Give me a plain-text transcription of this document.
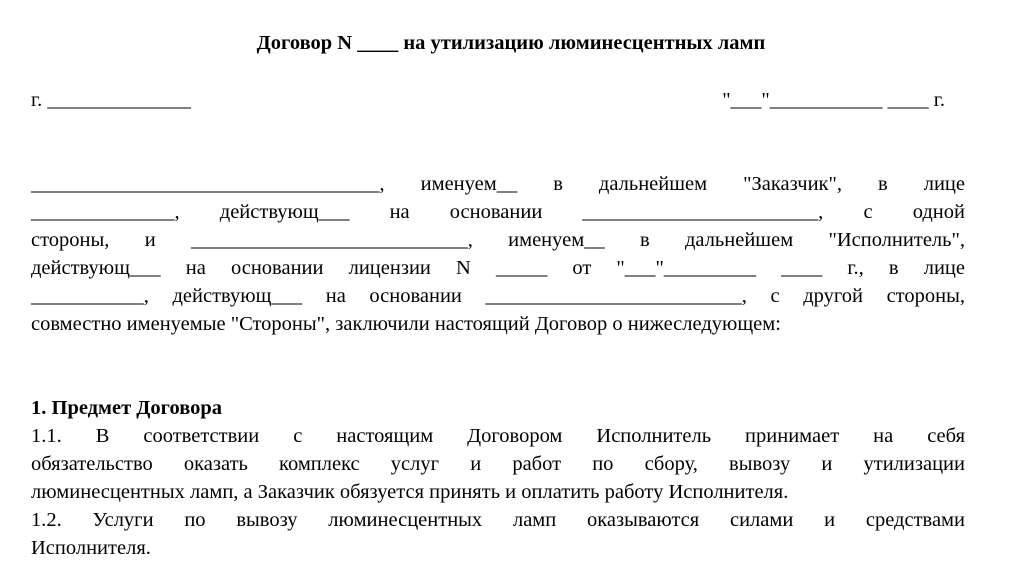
Договор N ____ на утилизацию люминесцентных ламп
г. ______________	"___"___________ ____ г.
__________________________________, именуем__ в дальнейшем "Заказчик", в лице
______________, действующ___ на основании _______________________, с одной
стороны, и ___________________________, именуем__ в дальнейшем "Исполнитель",
действующ___ на основании лицензии N _____ от "___"_________ ____ г., в лице
___________, действующ___ на основании _________________________, с другой стороны,
совместно именуемые "Стороны", заключили настоящий Договор о нижеследующем:
1. Предмет Договора
1.1. В соответствии с настоящим Договором Исполнитель принимает на себя
обязательство оказать комплекс услуг и работ по сбору, вывозу и утилизации
люминесцентных ламп, а Заказчик обязуется принять и оплатить работу Исполнителя.
1.2. Услуги по вывозу люминесцентных ламп оказываются силами и средствами
Исполнителя.
